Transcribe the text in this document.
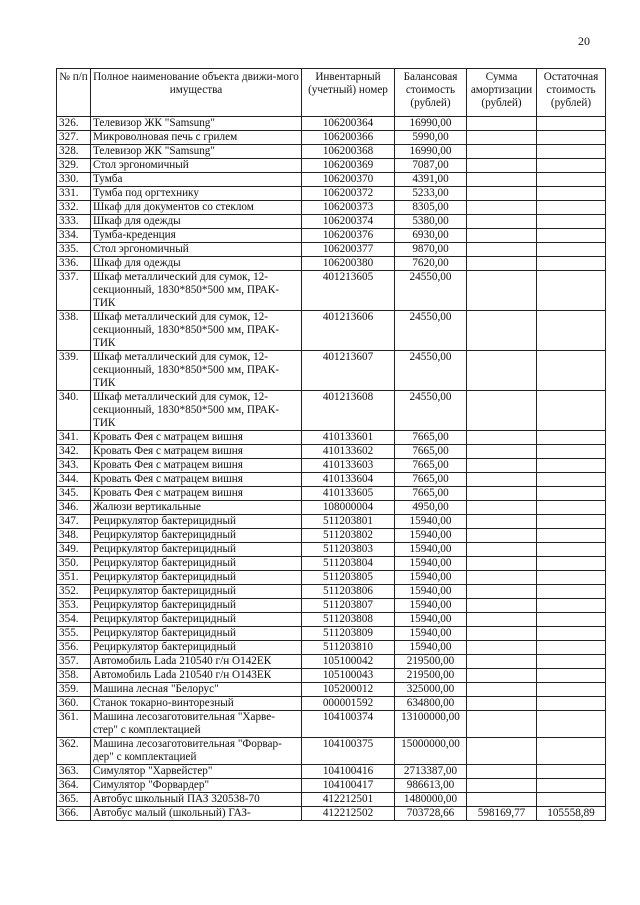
20
№ п/п	Полное наименование объекта движи-мого имущества	Инвентарный (учетный) номер	Балансовая стоимость (рублей)	Сумма амортизации (рублей)	Остаточная стоимость (рублей)
326.	Телевизор ЖК "Samsung"	106200364	16990,00		
327.	Микроволновая печь с грилем	106200366	5990,00		
328.	Телевизор ЖК "Samsung"	106200368	16990,00		
329.	Стол эргономичный	106200369	7087,00		
330.	Тумба	106200370	4391,00		
331.	Тумба под оргтехнику	106200372	5233,00		
332.	Шкаф для документов со стеклом	106200373	8305,00		
333.	Шкаф для одежды	106200374	5380,00		
334.	Тумба-креденция	106200376	6930,00		
335.	Стол эргономичный	106200377	9870,00		
336.	Шкаф для одежды	106200380	7620,00		
337.	Шкаф металлический для сумок, 12-секционный, 1830*850*500 мм, ПРАК-ТИК	401213605	24550,00		
338.	Шкаф металлический для сумок, 12-секционный, 1830*850*500 мм, ПРАК-ТИК	401213606	24550,00		
339.	Шкаф металлический для сумок, 12-секционный, 1830*850*500 мм, ПРАК-ТИК	401213607	24550,00		
340.	Шкаф металлический для сумок, 12-секционный, 1830*850*500 мм, ПРАК-ТИК	401213608	24550,00		
341.	Кровать Фея с матрацем вишня	410133601	7665,00		
342.	Кровать Фея с матрацем вишня	410133602	7665,00		
343.	Кровать Фея с матрацем вишня	410133603	7665,00		
344.	Кровать Фея с матрацем вишня	410133604	7665,00		
345.	Кровать Фея с матрацем вишня	410133605	7665,00		
346.	Жалюзи вертикальные	108000004	4950,00		
347.	Рециркулятор бактерицидный	511203801	15940,00		
348.	Рециркулятор бактерицидный	511203802	15940,00		
349.	Рециркулятор бактерицидный	511203803	15940,00		
350.	Рециркулятор бактерицидный	511203804	15940,00		
351.	Рециркулятор бактерицидный	511203805	15940,00		
352.	Рециркулятор бактерицидный	511203806	15940,00		
353.	Рециркулятор бактерицидный	511203807	15940,00		
354.	Рециркулятор бактерицидный	511203808	15940,00		
355.	Рециркулятор бактерицидный	511203809	15940,00		
356.	Рециркулятор бактерицидный	511203810	15940,00		
357.	Автомобиль Lada 210540 г/н О142ЕК	105100042	219500,00		
358.	Автомобиль Lada 210540 г/н О143ЕК	105100043	219500,00		
359.	Машина лесная "Белорус"	105200012	325000,00		
360.	Станок токарно-винторезный	000001592	634800,00		
361.	Машина лесозаготовительная "Харве-стер" с комплектацией	104100374	13100000,00		
362.	Машина лесозаготовительная "Форвар-дер" с комплектацией	104100375	15000000,00		
363.	Симулятор "Харвейстер"	104100416	2713387,00		
364.	Симулятор "Форвардер"	104100417	986613,00		
365.	Автобус школьный ПАЗ 320538-70	412212501	1480000,00		
366.	Автобус малый (школьный) ГАЗ-	412212502	703728,66	598169,77	105558,89
